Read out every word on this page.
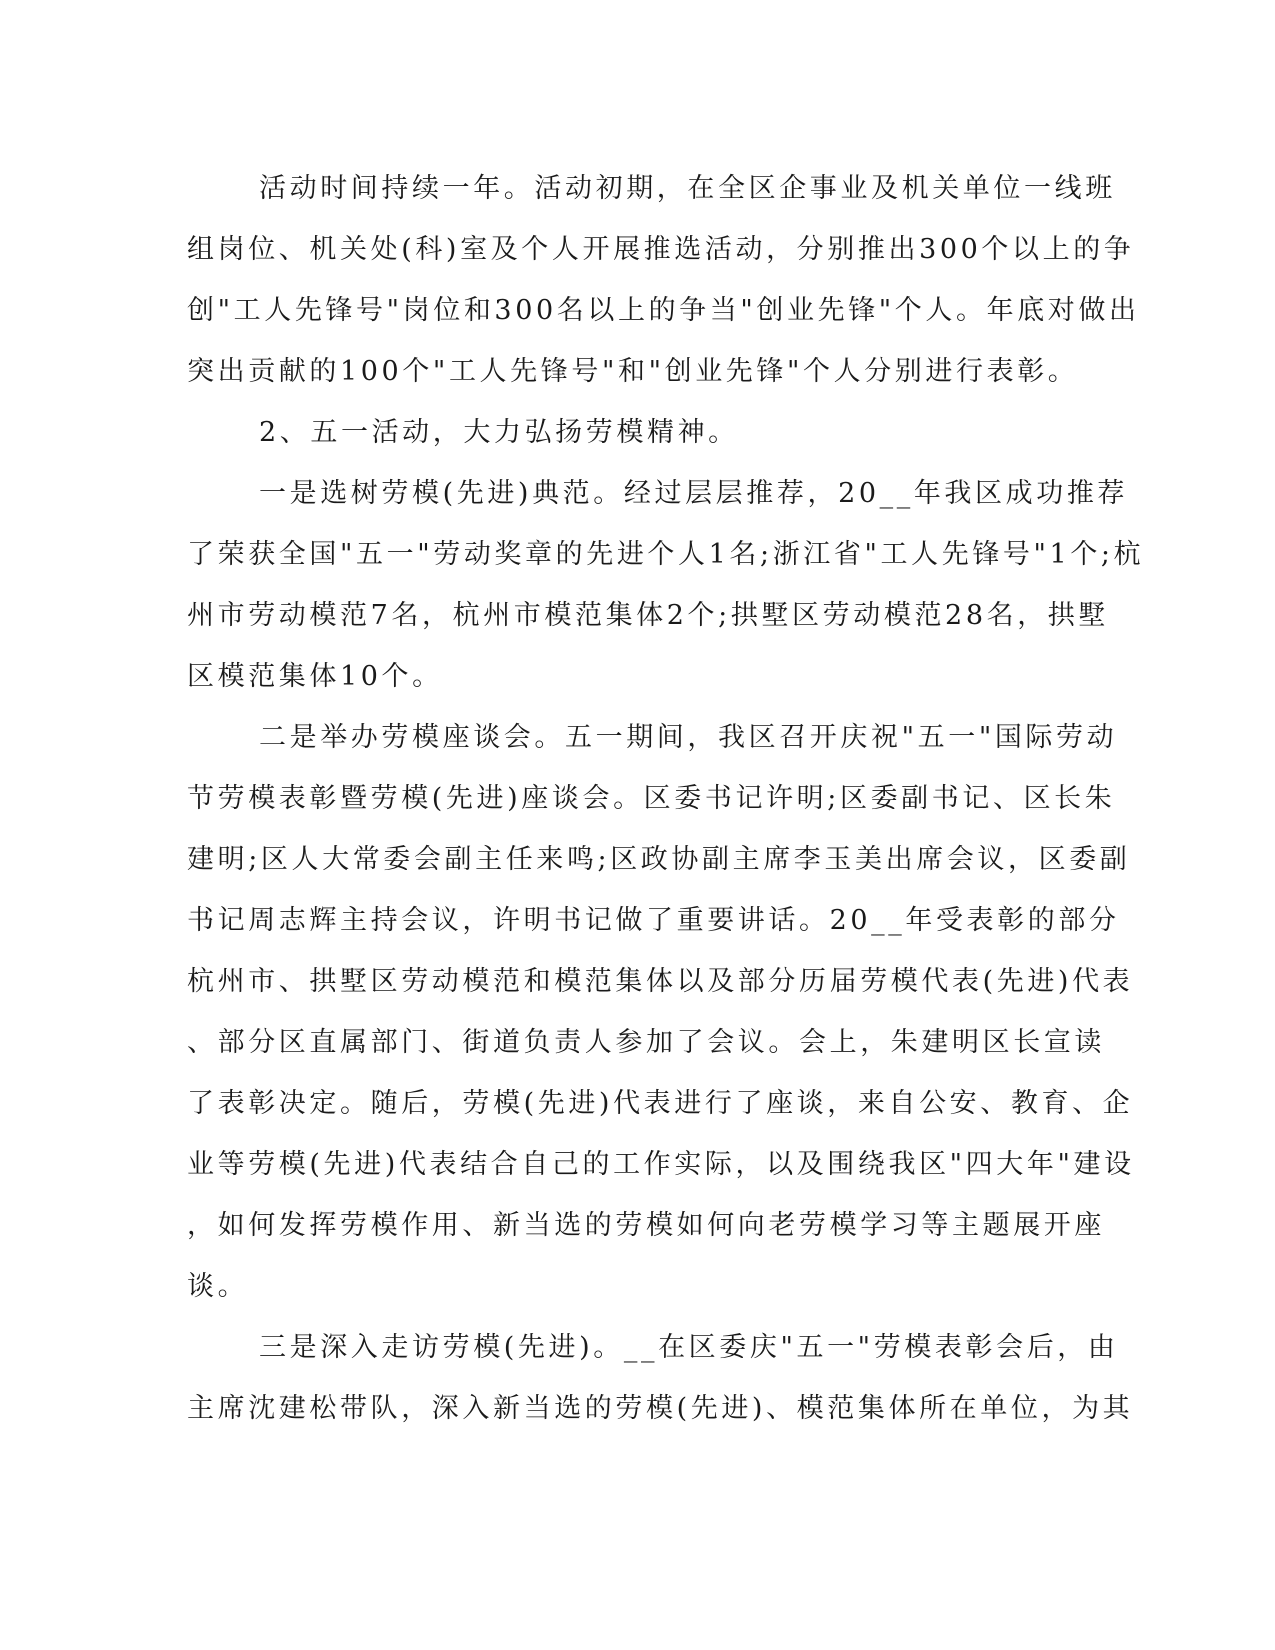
活动时间持续一年。活动初期，在全区企事业及机关单位一线班
组岗位、机关处(科)室及个人开展推选活动，分别推出300个以上的争
创"工人先锋号"岗位和300名以上的争当"创业先锋"个人。年底对做出
突出贡献的100个"工人先锋号"和"创业先锋"个人分别进行表彰。

2、五一活动，大力弘扬劳模精神。

一是选树劳模(先进)典范。经过层层推荐，20__年我区成功推荐
了荣获全国"五一"劳动奖章的先进个人1名;浙江省"工人先锋号"1个;杭
州市劳动模范7名，杭州市模范集体2个;拱墅区劳动模范28名，拱墅
区模范集体10个。

二是举办劳模座谈会。五一期间，我区召开庆祝"五一"国际劳动
节劳模表彰暨劳模(先进)座谈会。区委书记许明;区委副书记、区长朱
建明;区人大常委会副主任来鸣;区政协副主席李玉美出席会议，区委副
书记周志辉主持会议，许明书记做了重要讲话。20__年受表彰的部分
杭州市、拱墅区劳动模范和模范集体以及部分历届劳模代表(先进)代表
、部分区直属部门、街道负责人参加了会议。会上，朱建明区长宣读
了表彰决定。随后，劳模(先进)代表进行了座谈，来自公安、教育、企
业等劳模(先进)代表结合自己的工作实际，以及围绕我区"四大年"建设
，如何发挥劳模作用、新当选的劳模如何向老劳模学习等主题展开座
谈。

三是深入走访劳模(先进)。__在区委庆"五一"劳模表彰会后，由
主席沈建松带队，深入新当选的劳模(先进)、模范集体所在单位，为其
